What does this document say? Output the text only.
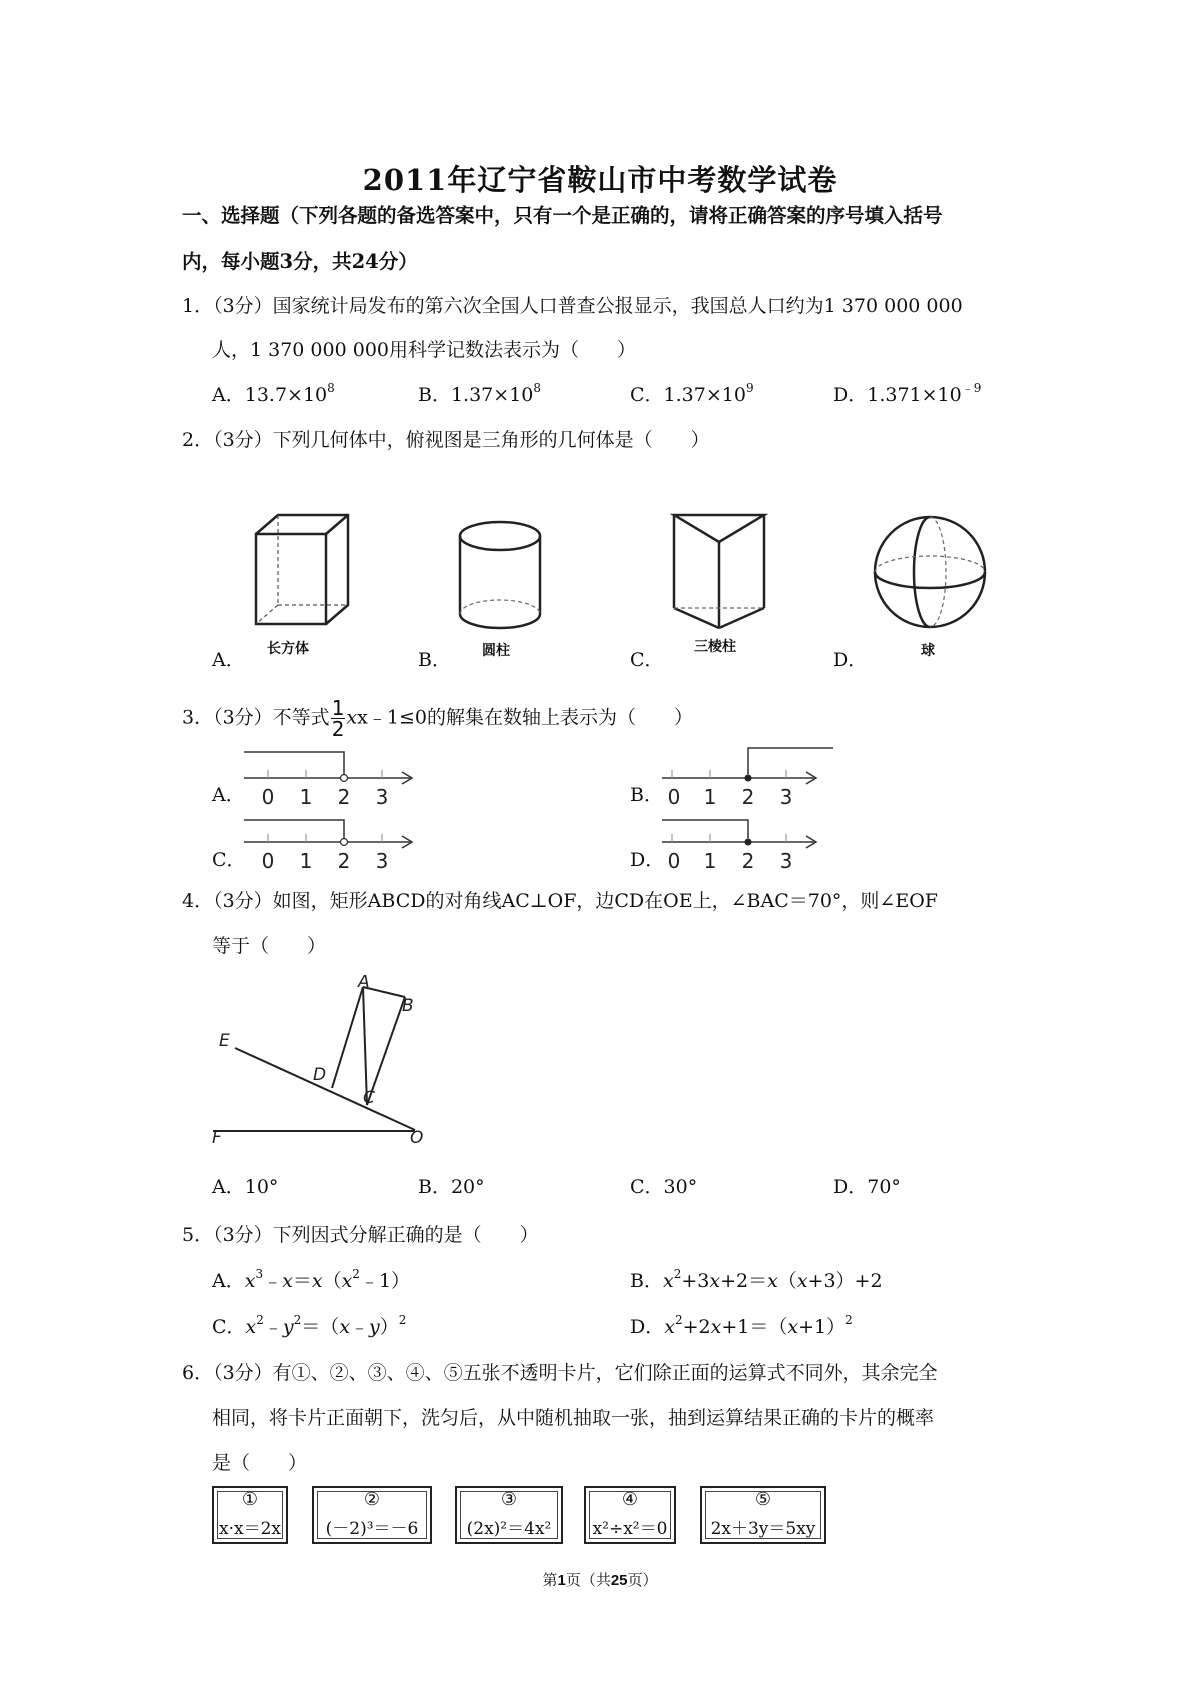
2011年辽宁省鞍山市中考数学试卷
一、选择题（下列各题的备选答案中，只有一个是正确的，请将正确答案的序号填入括号
内，每小题3分，共24分）
1．（3分）国家统计局发布的第六次全国人口普查公报显示，我国总人口约为1 370 000 000
人，1 370 000 000用科学记数法表示为（　　）
A．$13.7\times 10^8$	B．$1.37\times 10^8$	C．$1.37\times 10^9$	D．$1.371\times 10^{﹣9}$
2．（3分）下列几何体中，俯视图是三角形的几何体是（　　）
A． 长方体	B． 圆柱	C．
三棱柱
D．	球
3．（3分）不等式 $\frac{1}{2}$ xx﹣1≤0的解集在数轴上表示为（　　）
A． 0 1 2 3	B． 0 1 2 3
C． 0 1 2 3	D． 0 1 2 3
4．（3分）如图，矩形ABCD的对角线AC⊥OF，边CD在OE上，∠BAC＝70°，则∠EOF
等于（　　）
A
B
C
D
E
F	O
A．10°	B．20°	C．30°	D．70°
5．（3分）下列因式分解正确的是（　　）
A．$x^3﹣x=x(x^2﹣1)$	B．$x^2+3x+2=x(x+3)+2$
C．$x^2﹣y^2=(x﹣y)^2$	D．$x^2+2x+1=(x+1)^2$
6．（3分）有①、②、③、④、⑤五张不透明卡片，它们除正面的运算式不同外，其余完全
相同，将卡片正面朝下，洗匀后，从中随机抽取一张，抽到运算结果正确的卡片的概率
是（　　）
①
x·x＝2x
②
(－2)³＝－6
③
(2x)²＝4x²
④
x²÷x²＝0
⑤
2x＋3y＝5xy
第1页（共25页）
